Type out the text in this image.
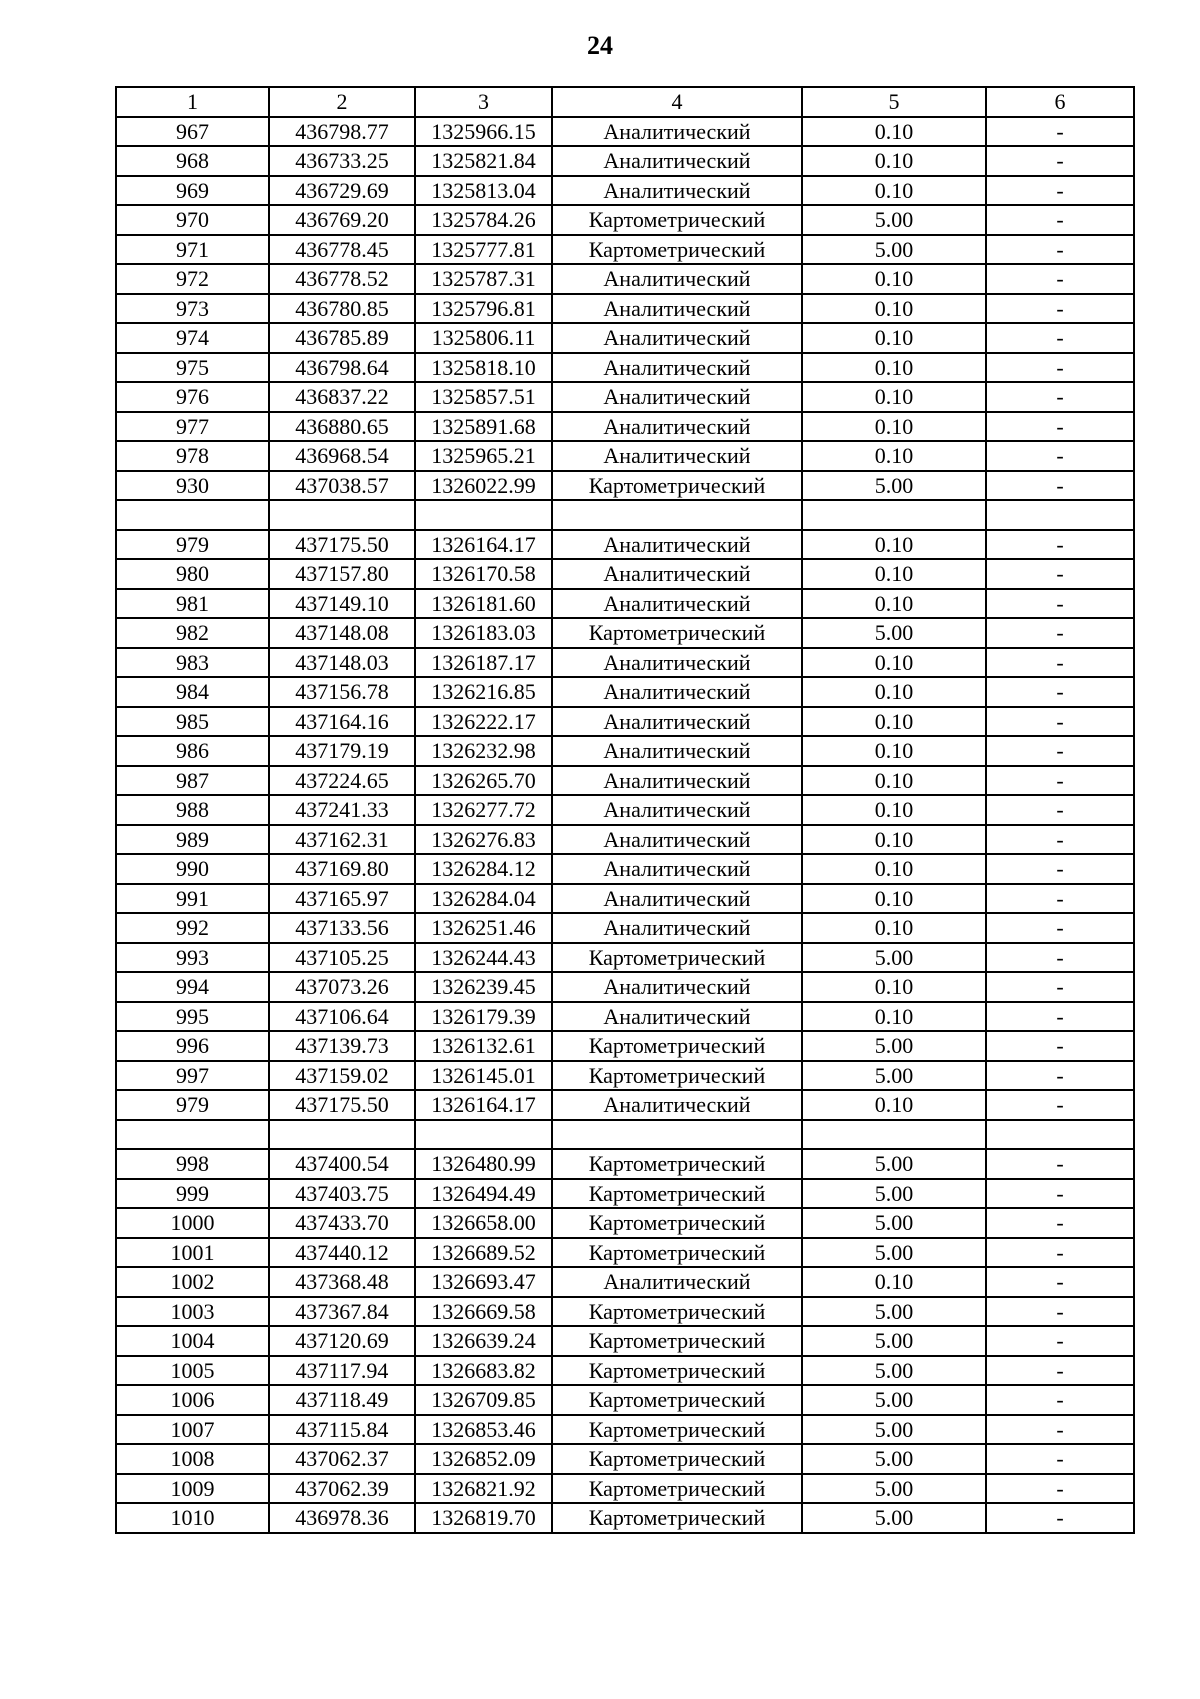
24
1	2	3	4	5	6
967	436798.77	1325966.15	Аналитический	0.10	-
968	436733.25	1325821.84	Аналитический	0.10	-
969	436729.69	1325813.04	Аналитический	0.10	-
970	436769.20	1325784.26	Картометрический	5.00	-
971	436778.45	1325777.81	Картометрический	5.00	-
972	436778.52	1325787.31	Аналитический	0.10	-
973	436780.85	1325796.81	Аналитический	0.10	-
974	436785.89	1325806.11	Аналитический	0.10	-
975	436798.64	1325818.10	Аналитический	0.10	-
976	436837.22	1325857.51	Аналитический	0.10	-
977	436880.65	1325891.68	Аналитический	0.10	-
978	436968.54	1325965.21	Аналитический	0.10	-
930	437038.57	1326022.99	Картометрический	5.00	-

979	437175.50	1326164.17	Аналитический	0.10	-
980	437157.80	1326170.58	Аналитический	0.10	-
981	437149.10	1326181.60	Аналитический	0.10	-
982	437148.08	1326183.03	Картометрический	5.00	-
983	437148.03	1326187.17	Аналитический	0.10	-
984	437156.78	1326216.85	Аналитический	0.10	-
985	437164.16	1326222.17	Аналитический	0.10	-
986	437179.19	1326232.98	Аналитический	0.10	-
987	437224.65	1326265.70	Аналитический	0.10	-
988	437241.33	1326277.72	Аналитический	0.10	-
989	437162.31	1326276.83	Аналитический	0.10	-
990	437169.80	1326284.12	Аналитический	0.10	-
991	437165.97	1326284.04	Аналитический	0.10	-
992	437133.56	1326251.46	Аналитический	0.10	-
993	437105.25	1326244.43	Картометрический	5.00	-
994	437073.26	1326239.45	Аналитический	0.10	-
995	437106.64	1326179.39	Аналитический	0.10	-
996	437139.73	1326132.61	Картометрический	5.00	-
997	437159.02	1326145.01	Картометрический	5.00	-
979	437175.50	1326164.17	Аналитический	0.10	-

998	437400.54	1326480.99	Картометрический	5.00	-
999	437403.75	1326494.49	Картометрический	5.00	-
1000	437433.70	1326658.00	Картометрический	5.00	-
1001	437440.12	1326689.52	Картометрический	5.00	-
1002	437368.48	1326693.47	Аналитический	0.10	-
1003	437367.84	1326669.58	Картометрический	5.00	-
1004	437120.69	1326639.24	Картометрический	5.00	-
1005	437117.94	1326683.82	Картометрический	5.00	-
1006	437118.49	1326709.85	Картометрический	5.00	-
1007	437115.84	1326853.46	Картометрический	5.00	-
1008	437062.37	1326852.09	Картометрический	5.00	-
1009	437062.39	1326821.92	Картометрический	5.00	-
1010	436978.36	1326819.70	Картометрический	5.00	-
